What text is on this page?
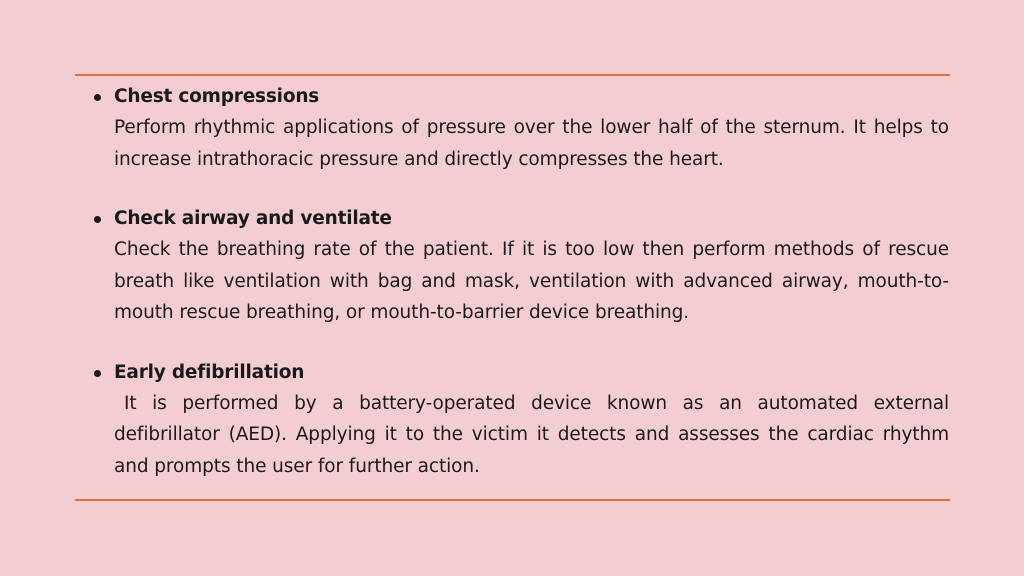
Chest compressions
Perform rhythmic applications of pressure over the lower half of the sternum. It helps to increase intrathoracic pressure and directly compresses the heart.
Check airway and ventilate
Check the breathing rate of the patient. If it is too low then perform methods of rescue breath like ventilation with bag and mask, ventilation with advanced airway, mouth-to-mouth rescue breathing, or mouth-to-barrier device breathing.
Early defibrillation
It is performed by a battery-operated device known as an automated external defibrillator (AED). Applying it to the victim it detects and assesses the cardiac rhythm and prompts the user for further action.
